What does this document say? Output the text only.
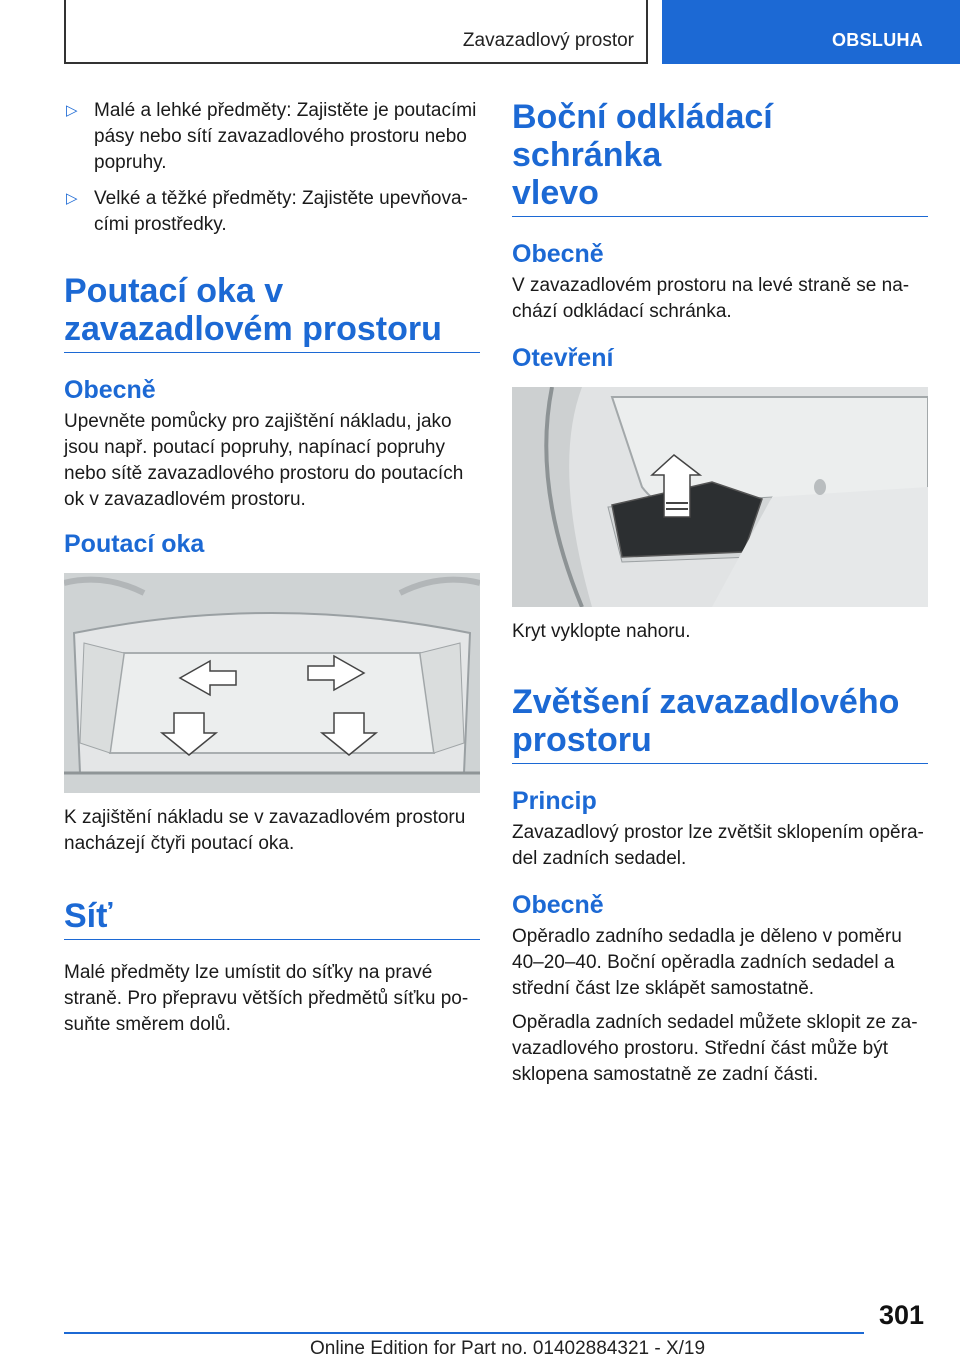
Zavazadlový prostor	OBSLUHA
▷ Malé a lehké předměty: Zajistěte je poutacími pásy nebo sítí zavazadlového prostoru nebo popruhy.
▷ Velké a těžké předměty: Zajistěte upevňova‐cími prostředky.
Poutací oka v
zavazadlovém prostoru
Obecně

Upevněte pomůcky pro zajištění nákladu, jako jsou např. poutací popruhy, napínací popruhy nebo sítě zavazadlového prostoru do poutacích ok v zavazadlovém prostoru.

Poutací oka

K zajištění nákladu se v zavazadlovém prostoru nacházejí čtyři poutací oka.

Síť

Malé předměty lze umístit do síťky na pravé straně. Pro přepravu větších předmětů síťku po‐suňte směrem dolů.

Boční odkládací schránka
vlevo
Obecně

V zavazadlovém prostoru na levé straně se na‐chází odkládací schránka.

Otevření

Kryt vyklopte nahoru.

Zvětšení zavazadlového
prostoru
Princip

Zavazadlový prostor lze zvětšit sklopením opěra‐del zadních sedadel.

Obecně

Opěradlo zadního sedadla je děleno v poměru 40–20–40. Boční opěradla zadních sedadel a střední část lze sklápět samostatně.

Opěradla zadních sedadel můžete sklopit ze za‐vazadlového prostoru. Střední část může být sklopena samostatně ze zadní části.

301
Online Edition for Part no. 01402884321 - X/19
